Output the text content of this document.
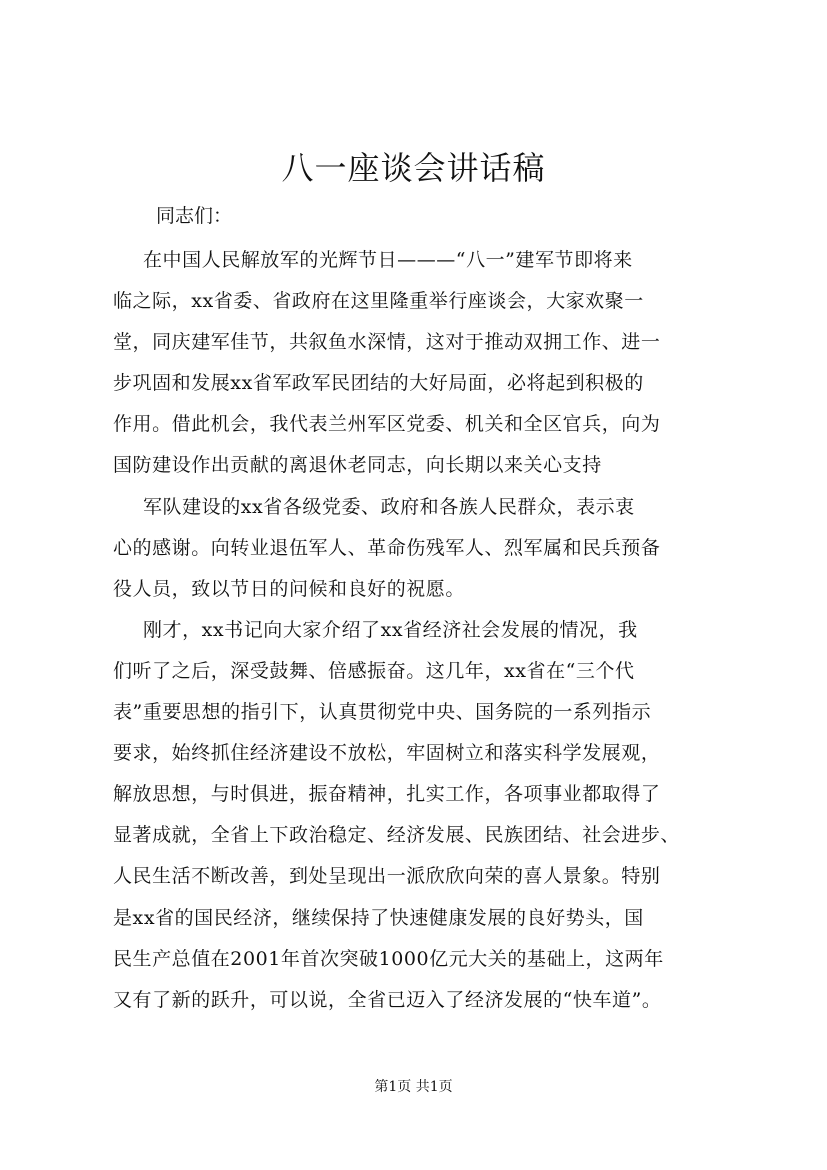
八一座谈会讲话稿
同志们：
在中国人民解放军的光辉节日———“八一”建军节即将来
临之际，xx省委、省政府在这里隆重举行座谈会，大家欢聚一
堂，同庆建军佳节，共叙鱼水深情，这对于推动双拥工作、进一
步巩固和发展xx省军政军民团结的大好局面，必将起到积极的
作用。借此机会，我代表兰州军区党委、机关和全区官兵，向为
国防建设作出贡献的离退休老同志，向长期以来关心支持
军队建设的xx省各级党委、政府和各族人民群众，表示衷
心的感谢。向转业退伍军人、革命伤残军人、烈军属和民兵预备
役人员，致以节日的问候和良好的祝愿。
刚才，xx书记向大家介绍了xx省经济社会发展的情况，我
们听了之后，深受鼓舞、倍感振奋。这几年，xx省在“三个代
表”重要思想的指引下，认真贯彻党中央、国务院的一系列指示
要求，始终抓住经济建设不放松，牢固树立和落实科学发展观，
解放思想，与时俱进，振奋精神，扎实工作，各项事业都取得了
显著成就，全省上下政治稳定、经济发展、民族团结、社会进步、
人民生活不断改善，到处呈现出一派欣欣向荣的喜人景象。特别
是xx省的国民经济，继续保持了快速健康发展的良好势头，国
民生产总值在2001年首次突破1000亿元大关的基础上，这两年
又有了新的跃升，可以说，全省已迈入了经济发展的“快车道”。
第1页 共1页
